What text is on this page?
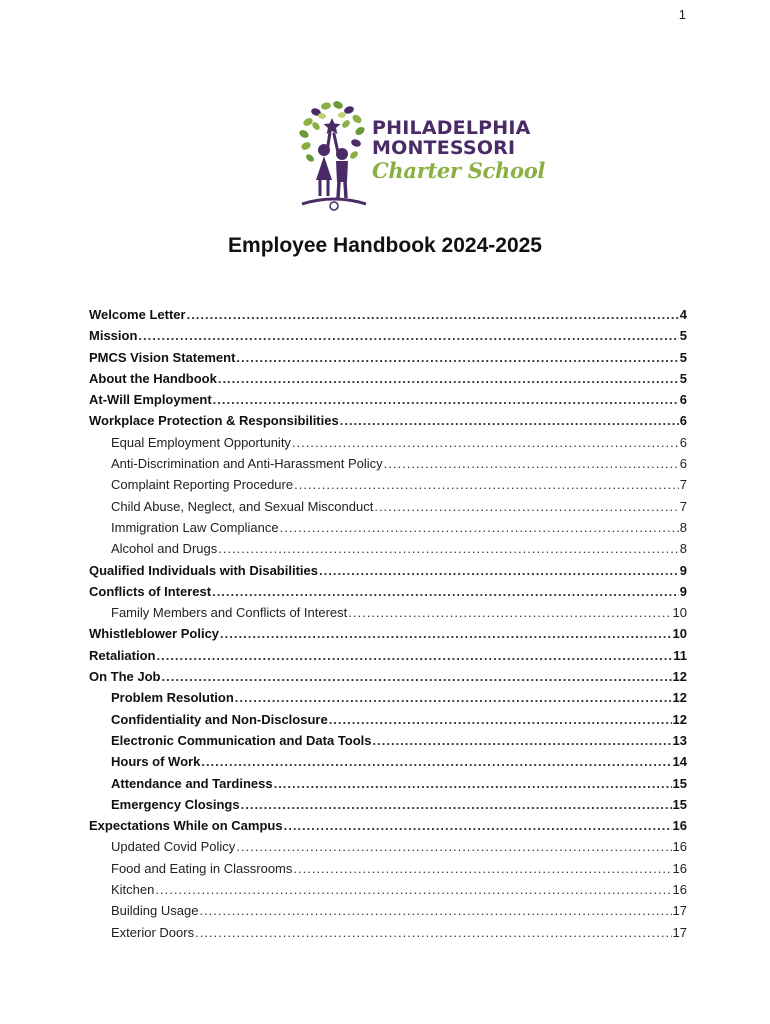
1
PHILADELPHIA
MONTESSORI
Charter School
Employee Handbook 2024-2025
Welcome Letter .....	4
Mission .....	5
PMCS Vision Statement .....	5
About the Handbook .....	5
At-Will Employment .....	6
Workplace Protection & Responsibilities .....	6
Equal Employment Opportunity .....	6
Anti-Discrimination and Anti-Harassment Policy .....	6
Complaint Reporting Procedure .....	7
Child Abuse, Neglect, and Sexual Misconduct .....	7
Immigration Law Compliance .....	8
Alcohol and Drugs .....	8
Qualified Individuals with Disabilities .....	9
Conflicts of Interest .....	9
Family Members and Conflicts of Interest .....	10
Whistleblower Policy .....	10
Retaliation .....	11
On The Job .....	12
Problem Resolution .....	12
Confidentiality and Non-Disclosure .....	12
Electronic Communication and Data Tools .....	13
Hours of Work .....	14
Attendance and Tardiness .....	15
Emergency Closings .....	15
Expectations While on Campus .....	16
Updated Covid Policy .....	16
Food and Eating in Classrooms .....	16
Kitchen .....	16
Building Usage .....	17
Exterior Doors .....	17
